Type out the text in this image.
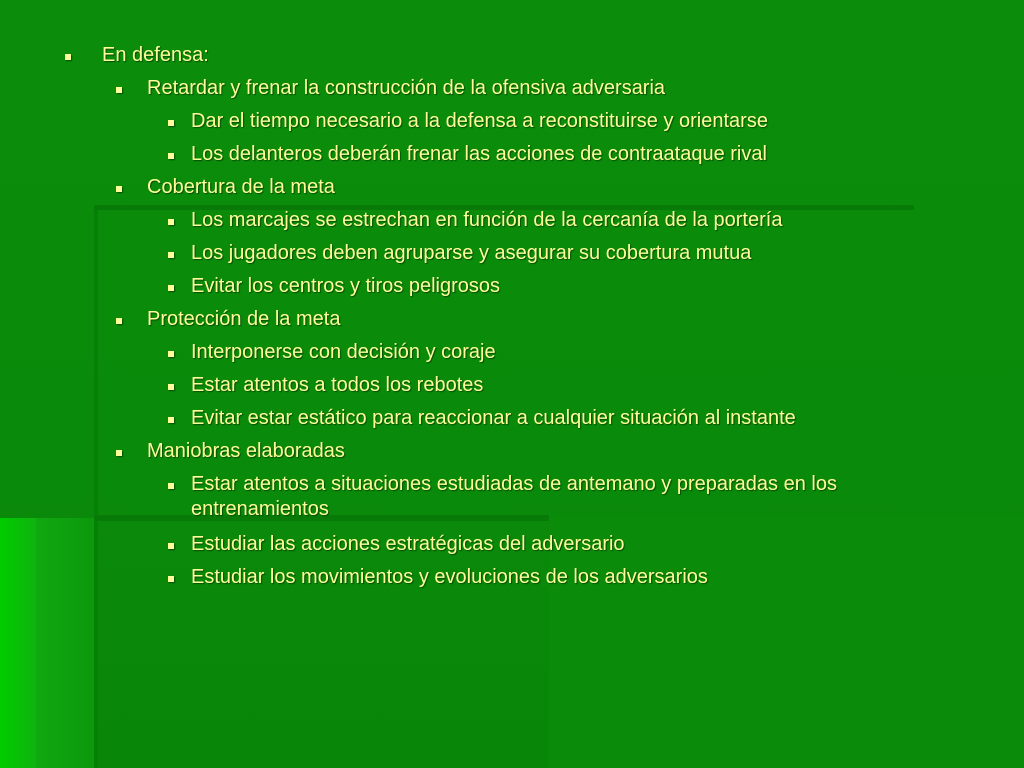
En defensa:
Retardar y frenar la construcción de la ofensiva adversaria
Dar el tiempo necesario a la defensa a reconstituirse y orientarse
Los delanteros deberán frenar las acciones de contraataque rival
Cobertura de la meta
Los marcajes se estrechan en función de la cercanía de la portería
Los jugadores deben agruparse y asegurar su cobertura mutua
Evitar los centros y tiros peligrosos
Protección de la meta
Interponerse con decisión y coraje
Estar atentos a todos los rebotes
Evitar estar estático para reaccionar a cualquier situación al instante
Maniobras elaboradas
Estar atentos a situaciones estudiadas de antemano y preparadas en los entrenamientos
Estudiar las acciones estratégicas del adversario
Estudiar los movimientos y evoluciones de los adversarios
